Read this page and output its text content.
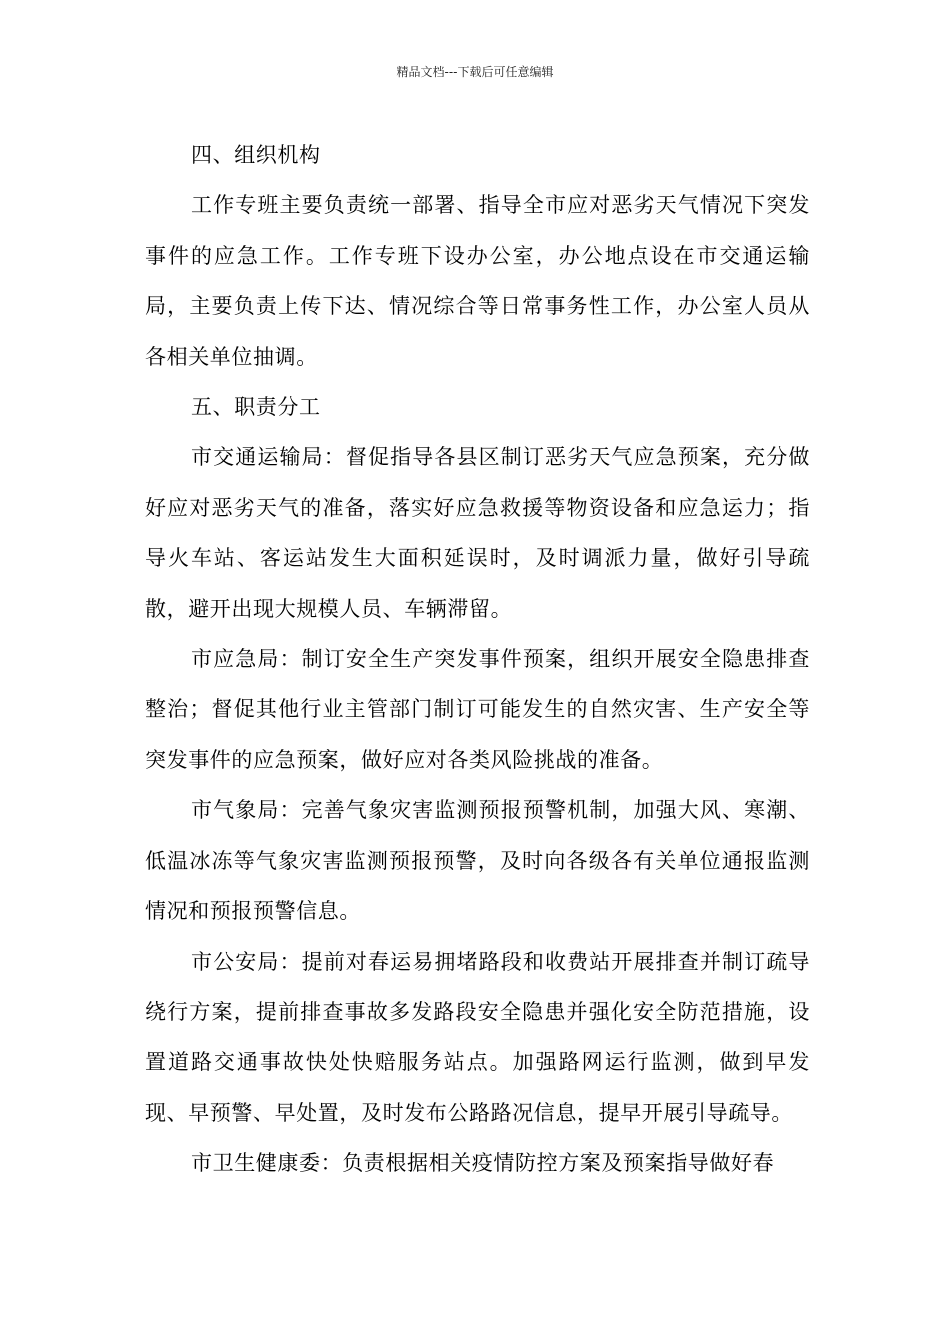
精品文档---下载后可任意编辑

四、组织机构

工作专班主要负责统一部署、指导全市应对恶劣天气情况下突发事件的应急工作。工作专班下设办公室，办公地点设在市交通运输局，主要负责上传下达、情况综合等日常事务性工作，办公室人员从各相关单位抽调。

五、职责分工

市交通运输局：督促指导各县区制订恶劣天气应急预案，充分做好应对恶劣天气的准备，落实好应急救援等物资设备和应急运力；指导火车站、客运站发生大面积延误时，及时调派力量，做好引导疏散，避开出现大规模人员、车辆滞留。

市应急局：制订安全生产突发事件预案，组织开展安全隐患排查整治；督促其他行业主管部门制订可能发生的自然灾害、生产安全等突发事件的应急预案，做好应对各类风险挑战的准备。

市气象局：完善气象灾害监测预报预警机制，加强大风、寒潮、低温冰冻等气象灾害监测预报预警，及时向各级各有关单位通报监测情况和预报预警信息。

市公安局：提前对春运易拥堵路段和收费站开展排查并制订疏导绕行方案，提前排查事故多发路段安全隐患并强化安全防范措施，设置道路交通事故快处快赔服务站点。加强路网运行监测，做到早发现、早预警、早处置，及时发布公路路况信息，提早开展引导疏导。

市卫生健康委：负责根据相关疫情防控方案及预案指导做好春
